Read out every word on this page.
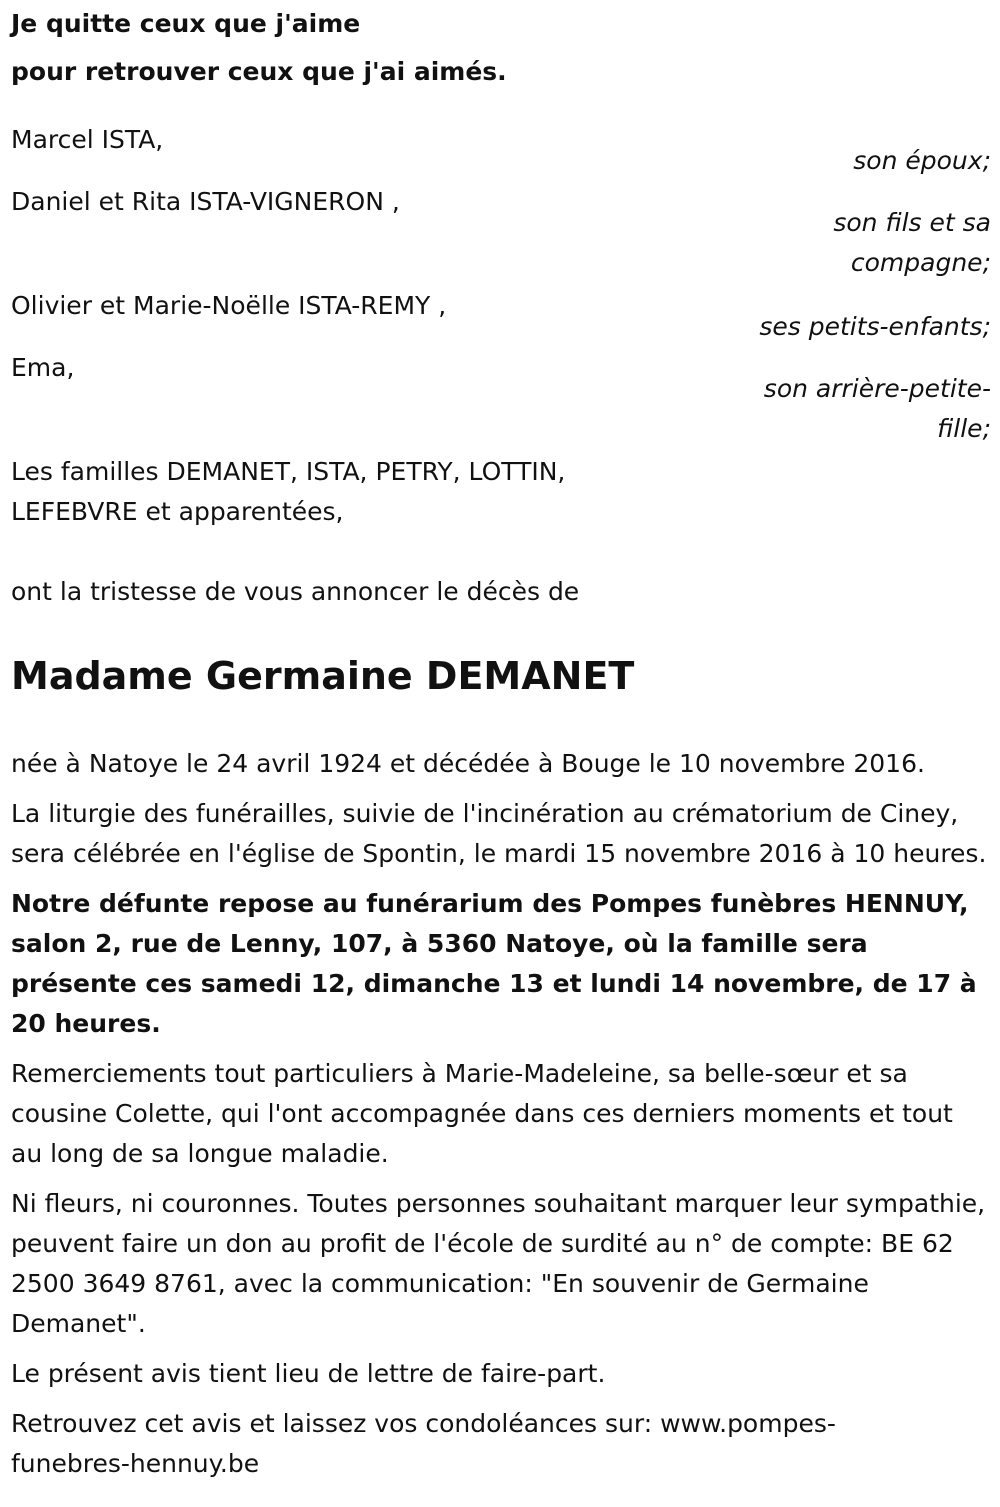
Je quitte ceux que j'aime

pour retrouver ceux que j'ai aimés.

Marcel ISTA,
son époux;
Daniel et Rita ISTA-VIGNERON ,
son fils et sa compagne;
Olivier et Marie-Noëlle ISTA-REMY ,
ses petits-enfants;
Ema,
son arrière-petite-fille;
Les familles DEMANET, ISTA, PETRY, LOTTIN, LEFEBVRE et apparentées,
ont la tristesse de vous annoncer le décès de
Madame Germaine DEMANET

née à Natoye le 24 avril 1924 et décédée à Bouge le 10 novembre 2016.

La liturgie des funérailles, suivie de l'incinération au crématorium de Ciney, sera célébrée en l'église de Spontin, le mardi 15 novembre 2016 à 10 heures.

Notre défunte repose au funérarium des Pompes funèbres HENNUY, salon 2, rue de Lenny, 107, à 5360 Natoye, où la famille sera présente ces samedi 12, dimanche 13 et lundi 14 novembre, de 17 à 20 heures.

Remerciements tout particuliers à Marie-Madeleine, sa belle-sœur et sa cousine Colette, qui l'ont accompagnée dans ces derniers moments et tout au long de sa longue maladie.

Ni fleurs, ni couronnes. Toutes personnes souhaitant marquer leur sympathie, peuvent faire un don au profit de l'école de surdité au n° de compte: BE 62 2500 3649 8761, avec la communication: "En souvenir de Germaine Demanet".

Le présent avis tient lieu de lettre de faire-part.

Retrouvez cet avis et laissez vos condoléances sur: www.pompes-funebres-hennuy.be
